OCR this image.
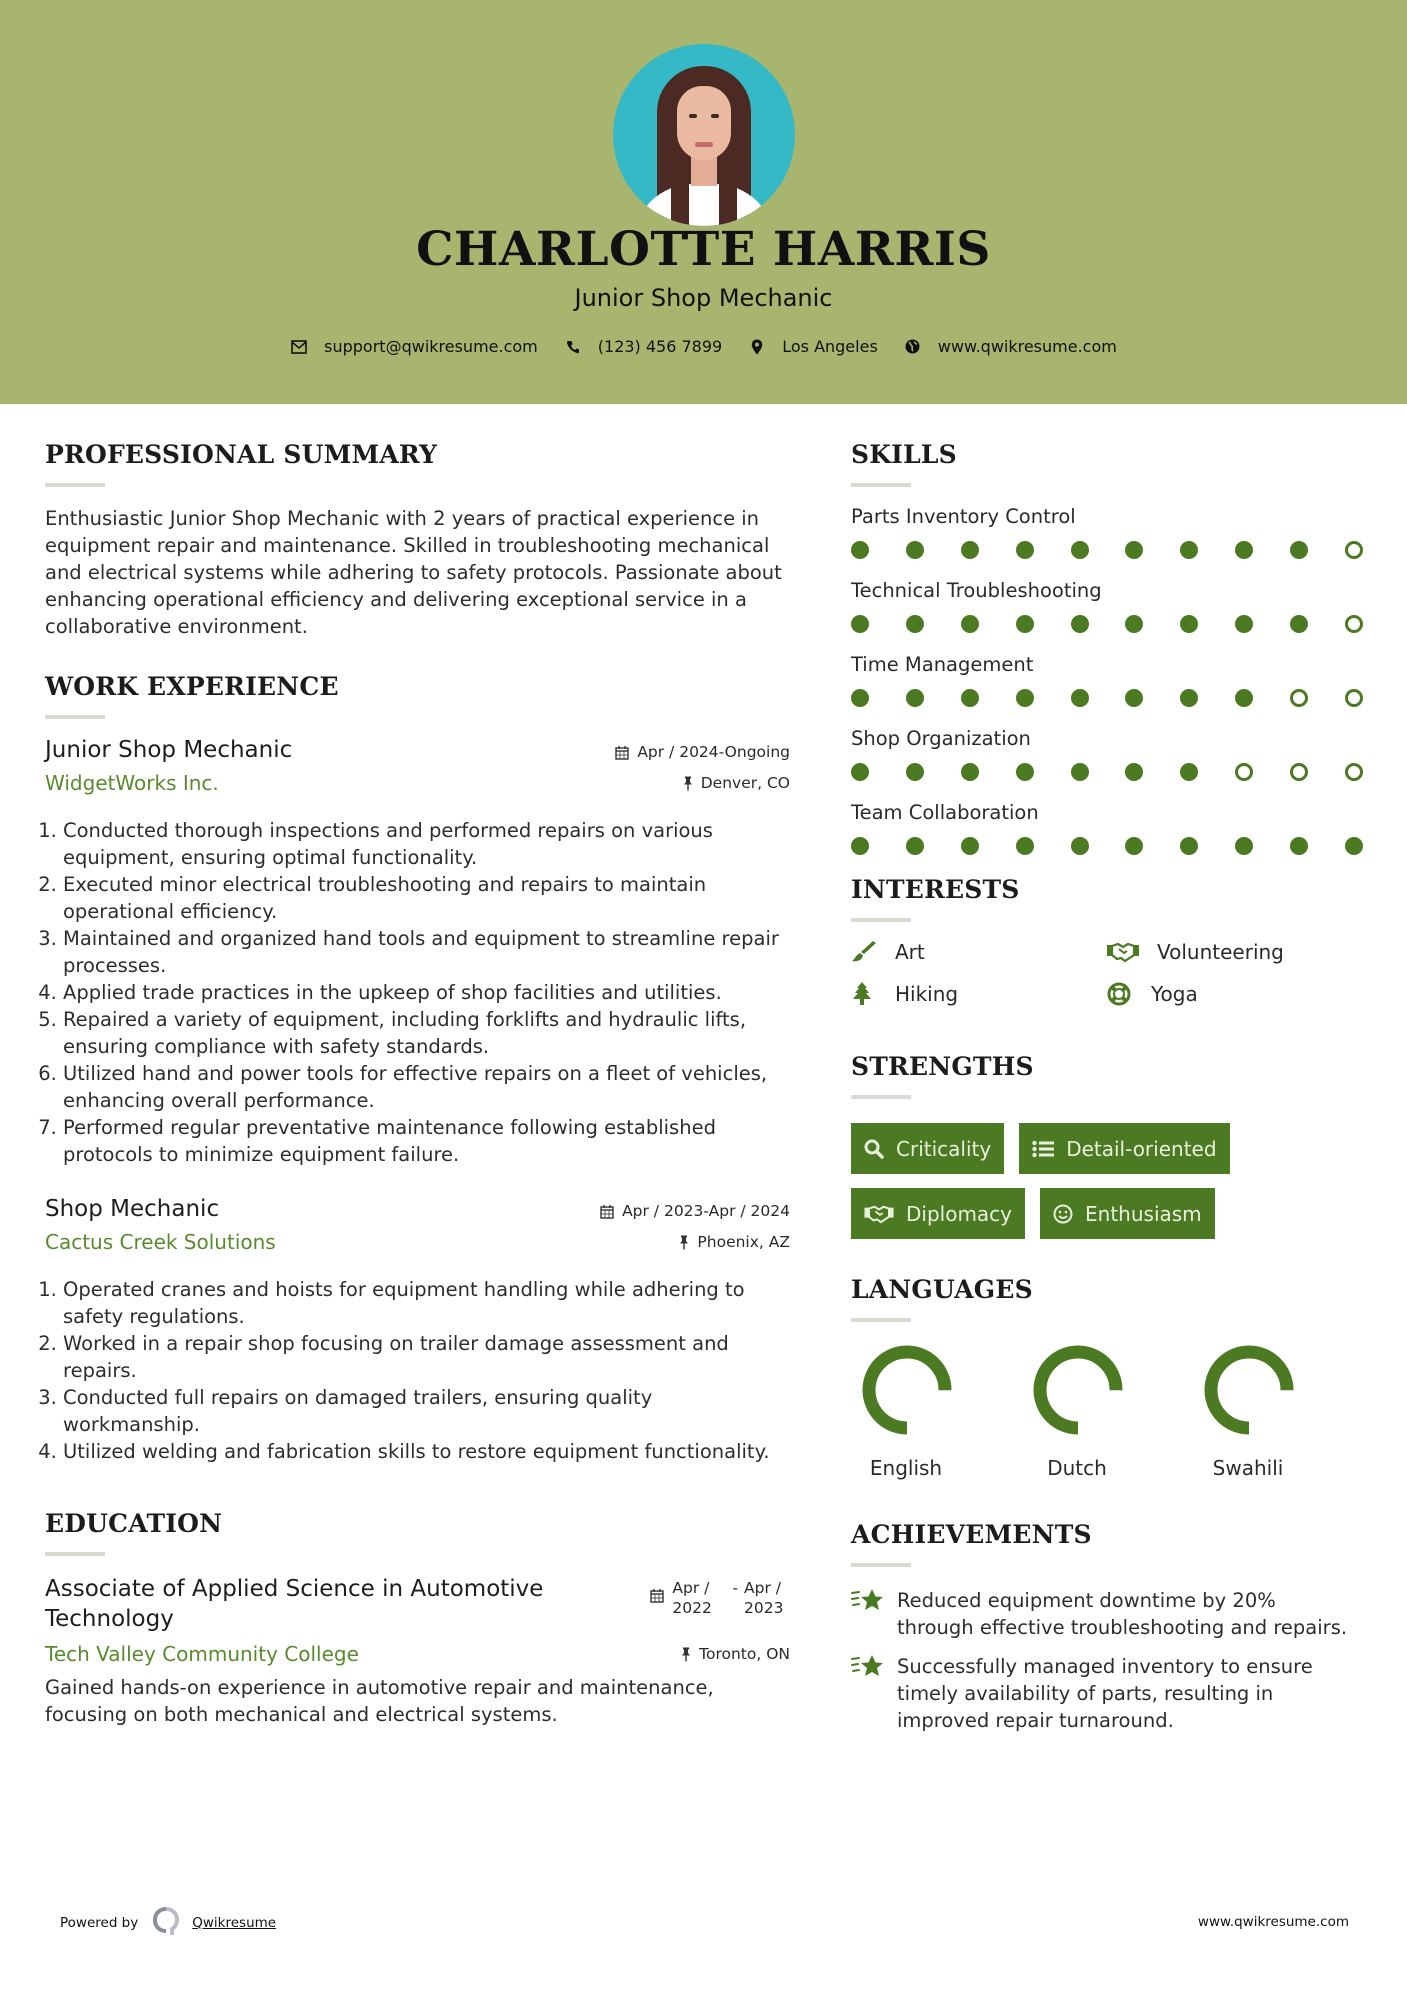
CHARLOTTE HARRIS
Junior Shop Mechanic
support@qwikresume.com	(123) 456 7899	Los Angeles	www.qwikresume.com
PROFESSIONAL SUMMARY

Enthusiastic Junior Shop Mechanic with 2 years of practical experience in equipment repair and maintenance. Skilled in troubleshooting mechanical and electrical systems while adhering to safety protocols. Passionate about enhancing operational efficiency and delivering exceptional service in a collaborative environment.

WORK EXPERIENCE
Junior Shop Mechanic	Apr / 2024-Ongoing
WidgetWorks Inc.	Denver, CO
1. Conducted thorough inspections and performed repairs on various equipment, ensuring optimal functionality.
2. Executed minor electrical troubleshooting and repairs to maintain operational efficiency.
3. Maintained and organized hand tools and equipment to streamline repair processes.
4. Applied trade practices in the upkeep of shop facilities and utilities.
5. Repaired a variety of equipment, including forklifts and hydraulic lifts, ensuring compliance with safety standards.
6. Utilized hand and power tools for effective repairs on a fleet of vehicles, enhancing overall performance.
7. Performed regular preventative maintenance following established protocols to minimize equipment failure.
Shop Mechanic	Apr / 2023-Apr / 2024
Cactus Creek Solutions	Phoenix, AZ
1. Operated cranes and hoists for equipment handling while adhering to safety regulations.
2. Worked in a repair shop focusing on trailer damage assessment and repairs.
3. Conducted full repairs on damaged trailers, ensuring quality workmanship.
4. Utilized welding and fabrication skills to restore equipment functionality.
EDUCATION
Associate of Applied Science in Automotive Technology
Apr / 2022
- Apr / 2023
Tech Valley Community College	Toronto, ON

Gained hands-on experience in automotive repair and maintenance, focusing on both mechanical and electrical systems.

SKILLS
Parts Inventory Control
Technical Troubleshooting
Time Management
Shop Organization
Team Collaboration
INTERESTS
Art	Volunteering
Hiking	Yoga
STRENGTHS
Criticality	Detail-oriented
Diplomacy	Enthusiasm
LANGUAGES
English	Dutch	Swahili
ACHIEVEMENTS
Reduced equipment downtime by 20% through effective troubleshooting and repairs.
Successfully managed inventory to ensure timely availability of parts, resulting in improved repair turnaround.
Powered by	Qwikresume	www.qwikresume.com
